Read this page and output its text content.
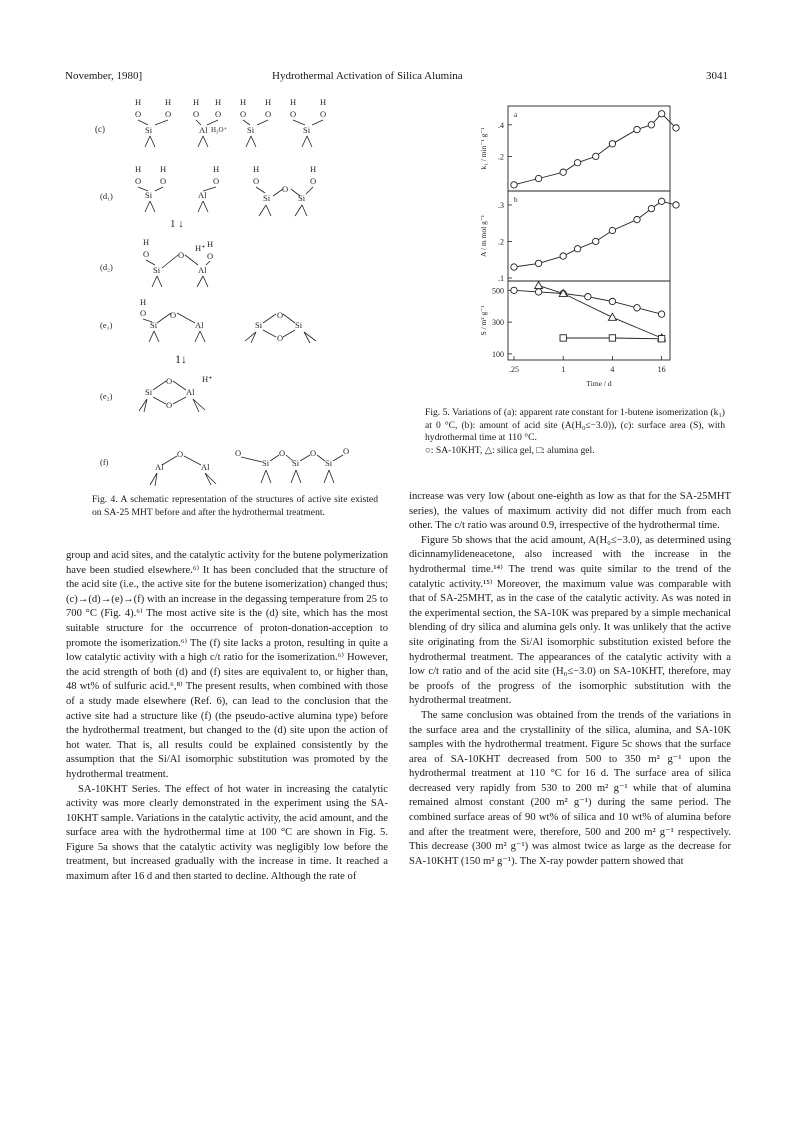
November, 1980]	Hydrothermal Activation of Silica Alumina	3041
(c)
H	H	H H H H H	H
O	O	O O O O O	O
Si	Al H₃O⁺ Si	Si
(d₁)
H H	H	H	H
O O	O	O	O
Si	Al	Si
O
Si
1 ↓
(d₂)
H	H
H⁺
O	O
O
Si	Al
(e₁)
H
O	O
Si	Al	Si
O
O
Si
1↓
(e₂)	Si
O
O
Al
H⁺
(f)	Al
O
Al
O
Si
O
Si
O
Si
O
Fig. 4. A schematic representation of the structures of active site existed on SA-25 MHT before and after the hydrothermal treatment.
.2
.4
a
k₁ / min⁻¹ g⁻¹
.1
.2
.3
b
A / m mol g⁻¹
100
300
500
S / m² g⁻¹
.25	1	4	16
Time / d

Fig. 5. Variations of (a): apparent rate constant for 1-butene isomerization (k₁) at 0 °C, (b): amount of acid site (A(H₀≤−3.0)), (c): surface area (S), with hydrothermal time at 110 °C.

○: SA-10KHT, △: silica gel, □: alumina gel.

group and acid sites, and the catalytic activity for the butene polymerization have been studied elsewhere.⁶⁾ It has been concluded that the structure of the acid site (i.e., the active site for the butene isomerization) changed thus; (c)→(d)→(e)→(f) with an increase in the degassing temperature from 25 to 700 °C (Fig. 4).⁶⁾ The most active site is the (d) site, which has the most suitable structure for the occurrence of proton-donation-acception to promote the isomerization.⁶⁾ The (f) site lacks a proton, resulting in quite a low catalytic activity with a high c/t ratio for the isomerization.⁶⁾ However, the acid strength of both (d) and (f) sites are equivalent to, or higher than, 48 wt% of sulfuric acid.⁶,⁸⁾ The present results, when combined with those of a study made elsewhere (Ref. 6), can lead to the conclusion that the active site had a structure like (f) (the pseudo-active alumina type) before the hydrothermal treatment, but changed to the (d) site upon the action of hot water. That is, all results could be explained consistently by the assumption that the Si/Al isomorphic substitution was promoted by the hydrothermal treatment.

SA-10KHT Series. The effect of hot water in increasing the catalytic activity was more clearly demonstrated in the experiment using the SA-10KHT sample. Variations in the catalytic activity, the acid amount, and the surface area with the hydrothermal time at 100 °C are shown in Fig. 5. Figure 5a shows that the catalytic activity was negligibly low before the treatment, but increased gradually with the increase in time. It reached a maximum after 16 d and then started to decline. Although the rate of

increase was very low (about one-eighth as low as that for the SA-25MHT series), the values of maximum activity did not differ much from each other. The c/t ratio was around 0.9, irrespective of the hydrothermal time.

Figure 5b shows that the acid amount, A(H₀≤−3.0), as determined using dicinnamylideneacetone, also increased with the increase in the hydrothermal time.¹⁴⁾ The trend was quite similar to the trend of the catalytic activity.¹⁵⁾ Moreover, the maximum value was comparable with that of SA-25MHT, as in the case of the catalytic activity. As was noted in the experimental section, the SA-10K was prepared by a simple mechanical blending of dry silica and alumina gels only. It was unlikely that the active site originating from the Si/Al isomorphic substitution existed before the hydrothermal treatment. The appearances of the catalytic activity with a low c/t ratio and of the acid site (H₀≤−3.0) on SA-10KHT, therefore, may be proofs of the progress of the isomorphic substitution with the hydrothermal treatment.

The same conclusion was obtained from the trends of the variations in the surface area and the crystallinity of the silica, alumina, and SA-10K samples with the hydrothermal treatment. Figure 5c shows that the surface area of SA-10KHT decreased from 500 to 350 m² g⁻¹ upon the hydrothermal treatment at 110 °C for 16 d. The surface area of silica decreased very rapidly from 530 to 200 m² g⁻¹ while that of alumina remained almost constant (200 m² g⁻¹) during the same period. The combined surface areas of 90 wt% of silica and 10 wt% of alumina before and after the treatment were, therefore, 500 and 200 m² g⁻¹ respectively. This decrease (300 m² g⁻¹) was almost twice as large as the decrease for SA-10KHT (150 m² g⁻¹). The X-ray powder pattern showed that
